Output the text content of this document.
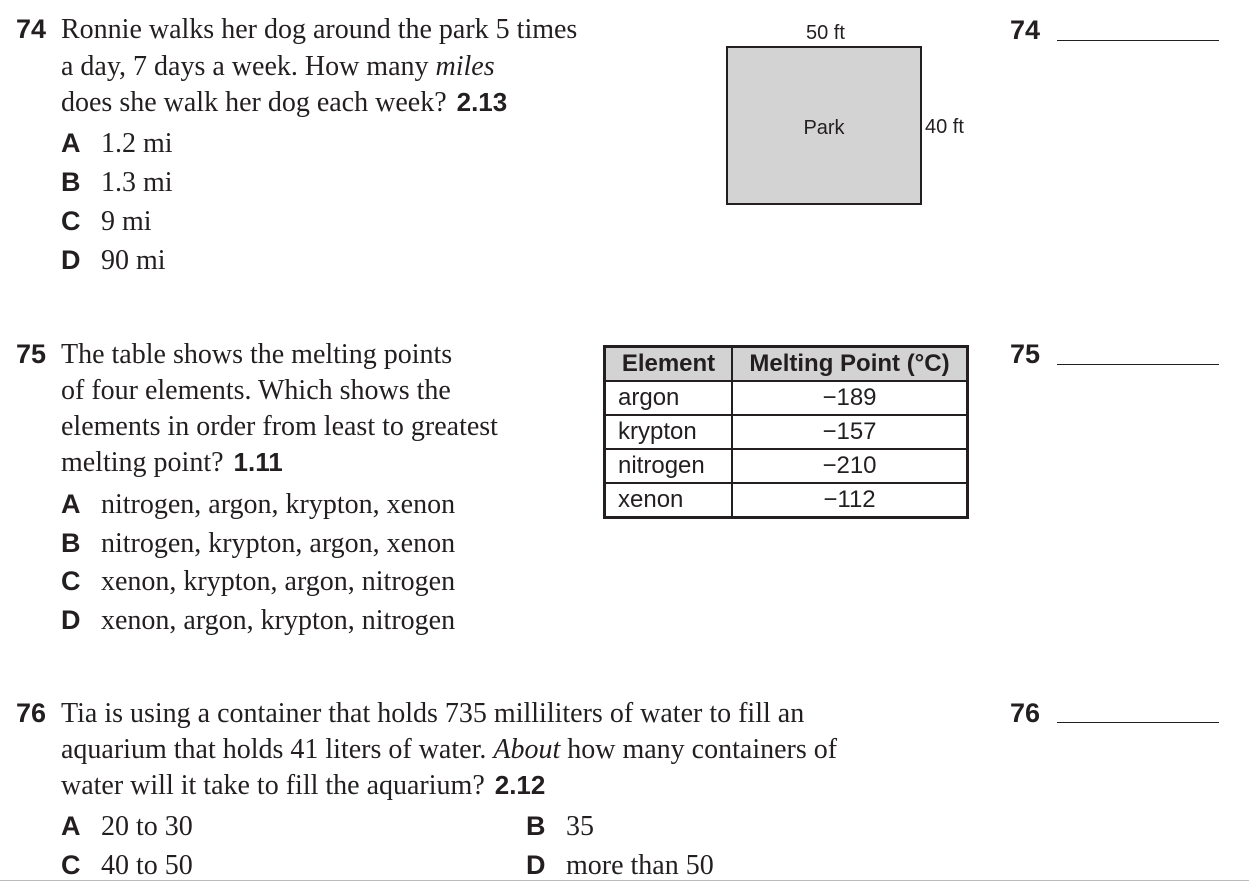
74 Ronnie walks her dog around the park 5 times
a day, 7 days a week. How many miles
does she walk her dog each week? 2.13
A 1.2 mi
B 1.3 mi
C 9 mi
D 90 mi
50 ft
Park	40 ft
74
75 The table shows the melting points
of four elements. Which shows the
elements in order from least to greatest
melting point? 1.11
A nitrogen, argon, krypton, xenon
B nitrogen, krypton, argon, xenon
C xenon, krypton, argon, nitrogen
D xenon, argon, krypton, nitrogen
Element	Melting Point (°C)
argon	−189
krypton	−157
nitrogen	−210
xenon	−112
75
76 Tia is using a container that holds 735 milliliters of water to fill an
aquarium that holds 41 liters of water. About how many containers of
water will it take to fill the aquarium? 2.12
A 20 to 30	B 35
C 40 to 50	D more than 50
76
